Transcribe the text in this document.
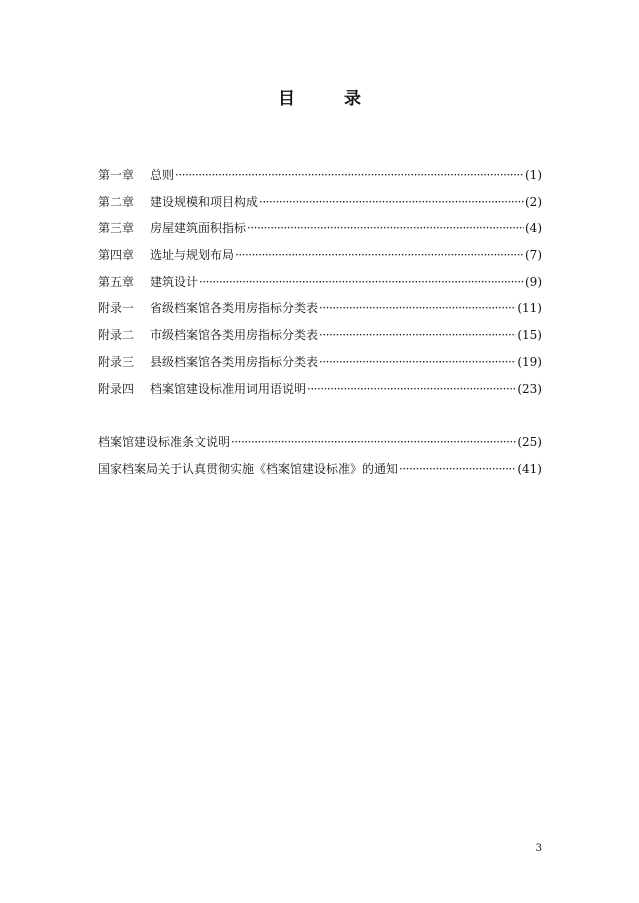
目　录
第一章	总则 ·····	(1)
第二章	建设规模和项目构成 ·····	(2)
第三章	房屋建筑面积指标 ·····	(4)
第四章	选址与规划布局 ·····	(7)
第五章	建筑设计 ·····	(9)
附录一	省级档案馆各类用房指标分类表 ·····	(11)
附录二	市级档案馆各类用房指标分类表 ·····	(15)
附录三	县级档案馆各类用房指标分类表 ·····	(19)
附录四	档案馆建设标准用词用语说明 ·····	(23)
档案馆建设标准条文说明 ·····	(25)
国家档案局关于认真贯彻实施《档案馆建设标准》的通知 ·····	(41)
3
